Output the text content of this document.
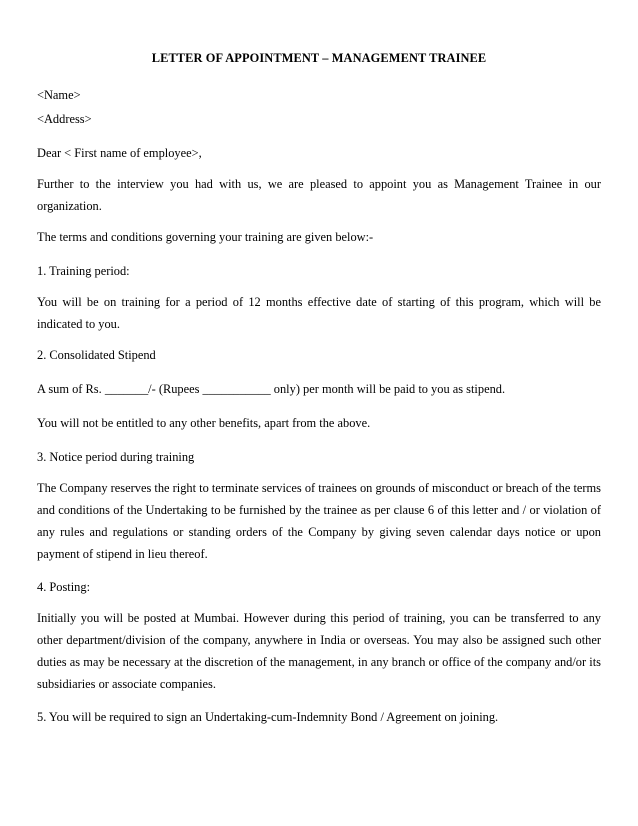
LETTER OF APPOINTMENT – MANAGEMENT TRAINEE

<Name>

<Address>

Dear < First name of employee>,

Further to the interview you had with us, we are pleased to appoint you as Management Trainee in our organization.

The terms and conditions governing your training are given below:-

1. Training period:

You will be on training for a period of 12 months effective date of starting of this program, which will be indicated to you.

2. Consolidated Stipend

A sum of Rs. _______/- (Rupees ___________ only) per month will be paid to you as stipend.

You will not be entitled to any other benefits, apart from the above.

3. Notice period during training

The Company reserves the right to terminate services of trainees on grounds of misconduct or breach of the terms and conditions of the Undertaking to be furnished by the trainee as per clause 6 of this letter and / or violation of any rules and regulations or standing orders of the Company by giving seven calendar days notice or upon payment of stipend in lieu thereof.

4. Posting:

Initially you will be posted at Mumbai. However during this period of training, you can be transferred to any other department/division of the company, anywhere in India or overseas. You may also be assigned such other duties as may be necessary at the discretion of the management, in any branch or office of the company and/or its subsidiaries or associate companies.

5. You will be required to sign an Undertaking-cum-Indemnity Bond / Agreement on joining.
